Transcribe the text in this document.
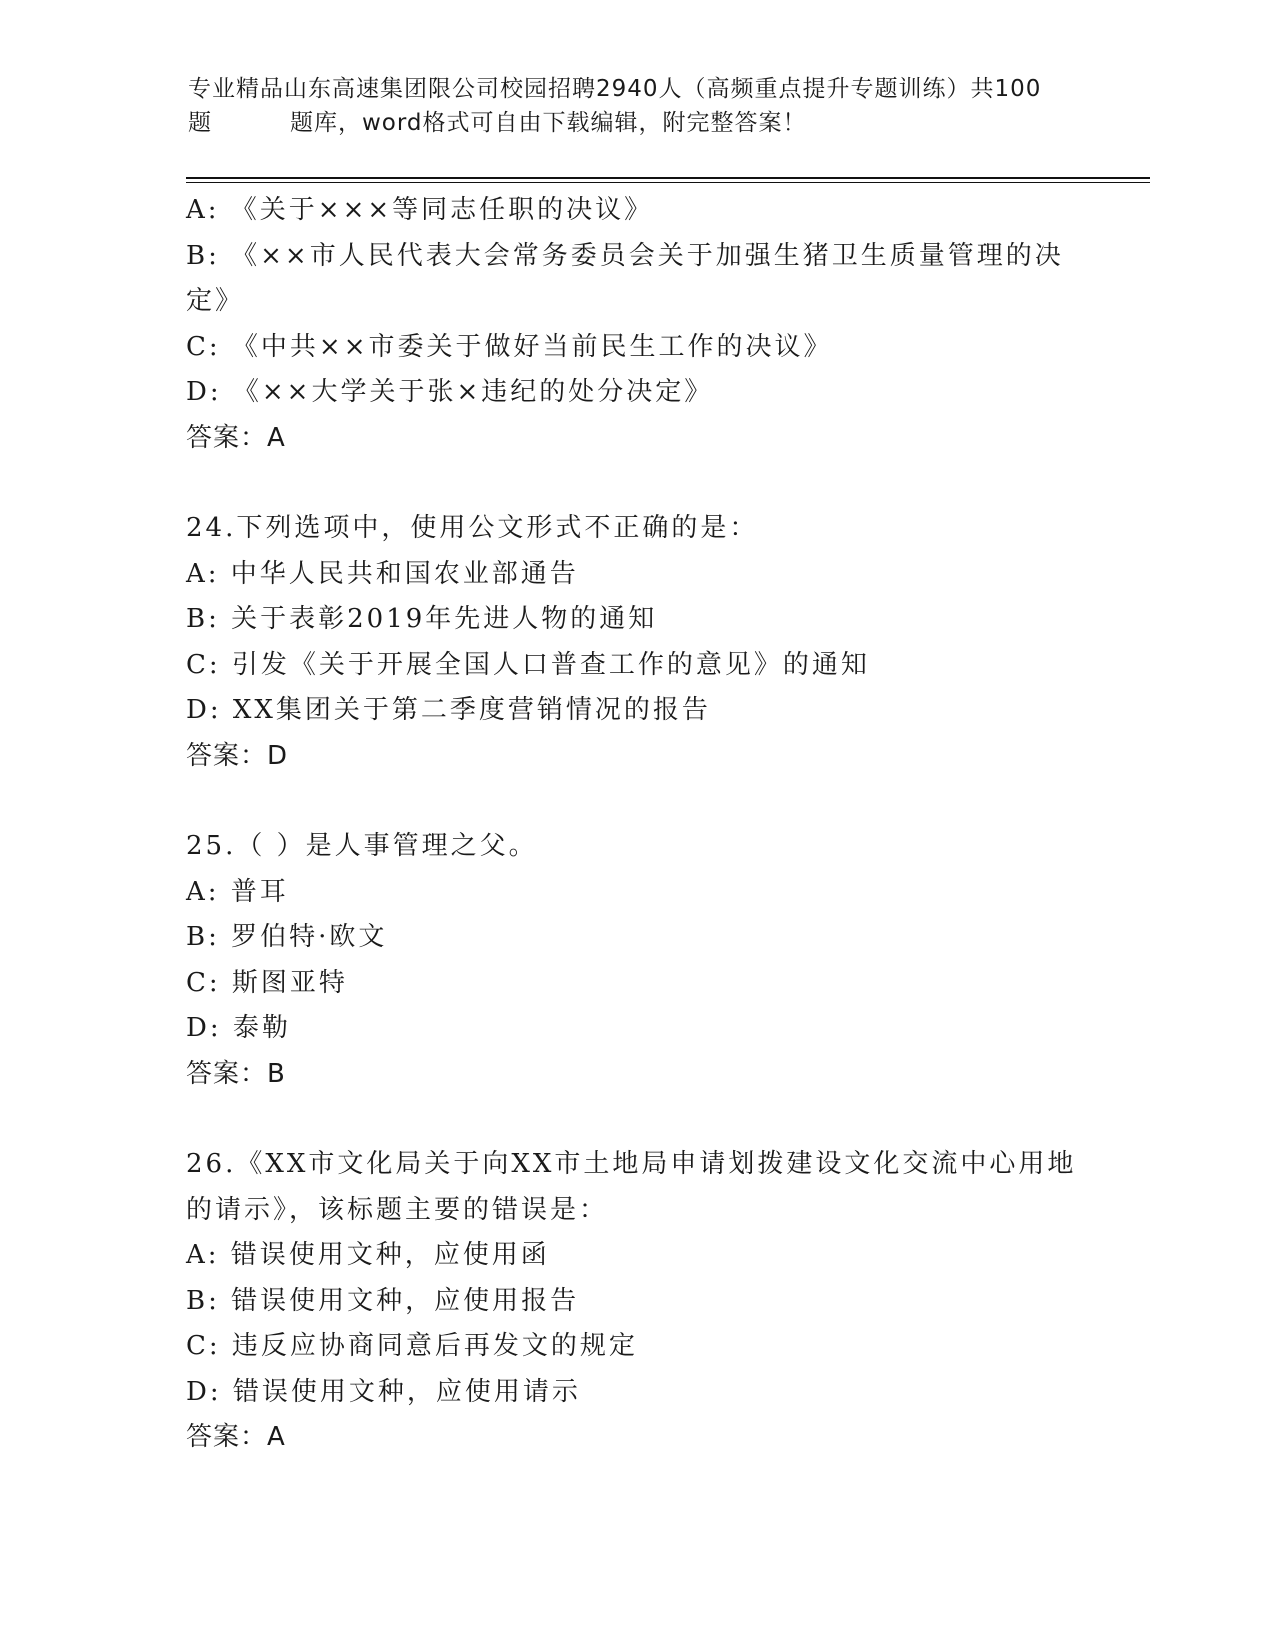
专业精品山东高速集团限公司校园招聘2940人（高频重点提升专题训练）共100
题	题库，word格式可自由下载编辑，附完整答案！
A: 《关于×××等同志任职的决议》
B: 《××市人民代表大会常务委员会关于加强生猪卫生质量管理的决
定》
C: 《中共××市委关于做好当前民生工作的决议》
D: 《××大学关于张×违纪的处分决定》
答案：A
24.下列选项中，使用公文形式不正确的是：
A: 中华人民共和国农业部通告
B: 关于表彰2019年先进人物的通知
C: 引发《关于开展全国人口普查工作的意见》的通知
D: XX集团关于第二季度营销情况的报告
答案：D
25.（ ）是人事管理之父。
A: 普耳
B: 罗伯特·欧文
C: 斯图亚特
D: 泰勒
答案：B
26.《XX市文化局关于向XX市土地局申请划拨建设文化交流中心用地
的请示》，该标题主要的错误是：
A: 错误使用文种，应使用函
B: 错误使用文种，应使用报告
C: 违反应协商同意后再发文的规定
D: 错误使用文种，应使用请示
答案：A
